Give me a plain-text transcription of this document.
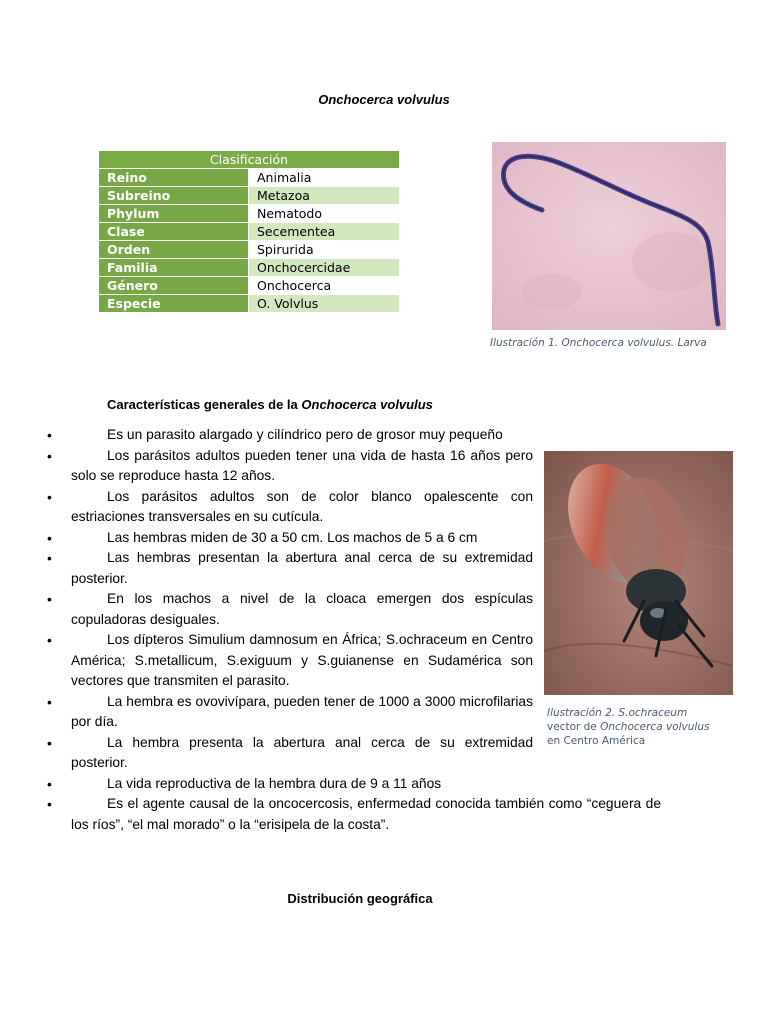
Onchocerca volvulus
Clasificación	
Reino	Animalia
Subreino	Metazoa
Phylum	Nematodo
Clase	Secementea
Orden	Spirurida
Familia	Onchocercidae
Género	Onchocerca
Especie	O. Volvlus
Ilustración 1. Onchocerca volvulus. Larva
Características generales de la Onchocerca volvulus
Ilustración 2. S.ochraceum
vector de Onchocerca volvulus
en Centro América
•	Es un parasito alargado y cilíndrico pero de grosor muy pequeño
•	Los parásitos adultos pueden tener una vida de hasta 16 años pero solo se reproduce hasta 12 años.
•	Los parásitos adultos son de color blanco opalescente con estriaciones transversales en su cutícula.
•	Las hembras miden de 30 a 50 cm. Los machos de 5 a 6 cm
•	Las hembras presentan la abertura anal cerca de su extremidad posterior.
•	En los machos a nivel de la cloaca emergen dos espículas copuladoras desiguales.
•	Los dípteros Simulium damnosum en África; S.ochraceum en Centro América; S.metallicum, S.exiguum y S.guianense en Sudamérica son vectores que transmiten el parasito.
•	La hembra es ovovivípara, pueden tener de 1000 a 3000 microfilarias por día.
•	La hembra presenta la abertura anal cerca de su extremidad posterior.
•	La vida reproductiva de la hembra dura de 9 a 11 años
•	Es el agente causal de la oncocercosis, enfermedad conocida también como “ceguera de los ríos”, “el mal morado” o la “erisipela de la costa”.
Distribución geográfica
